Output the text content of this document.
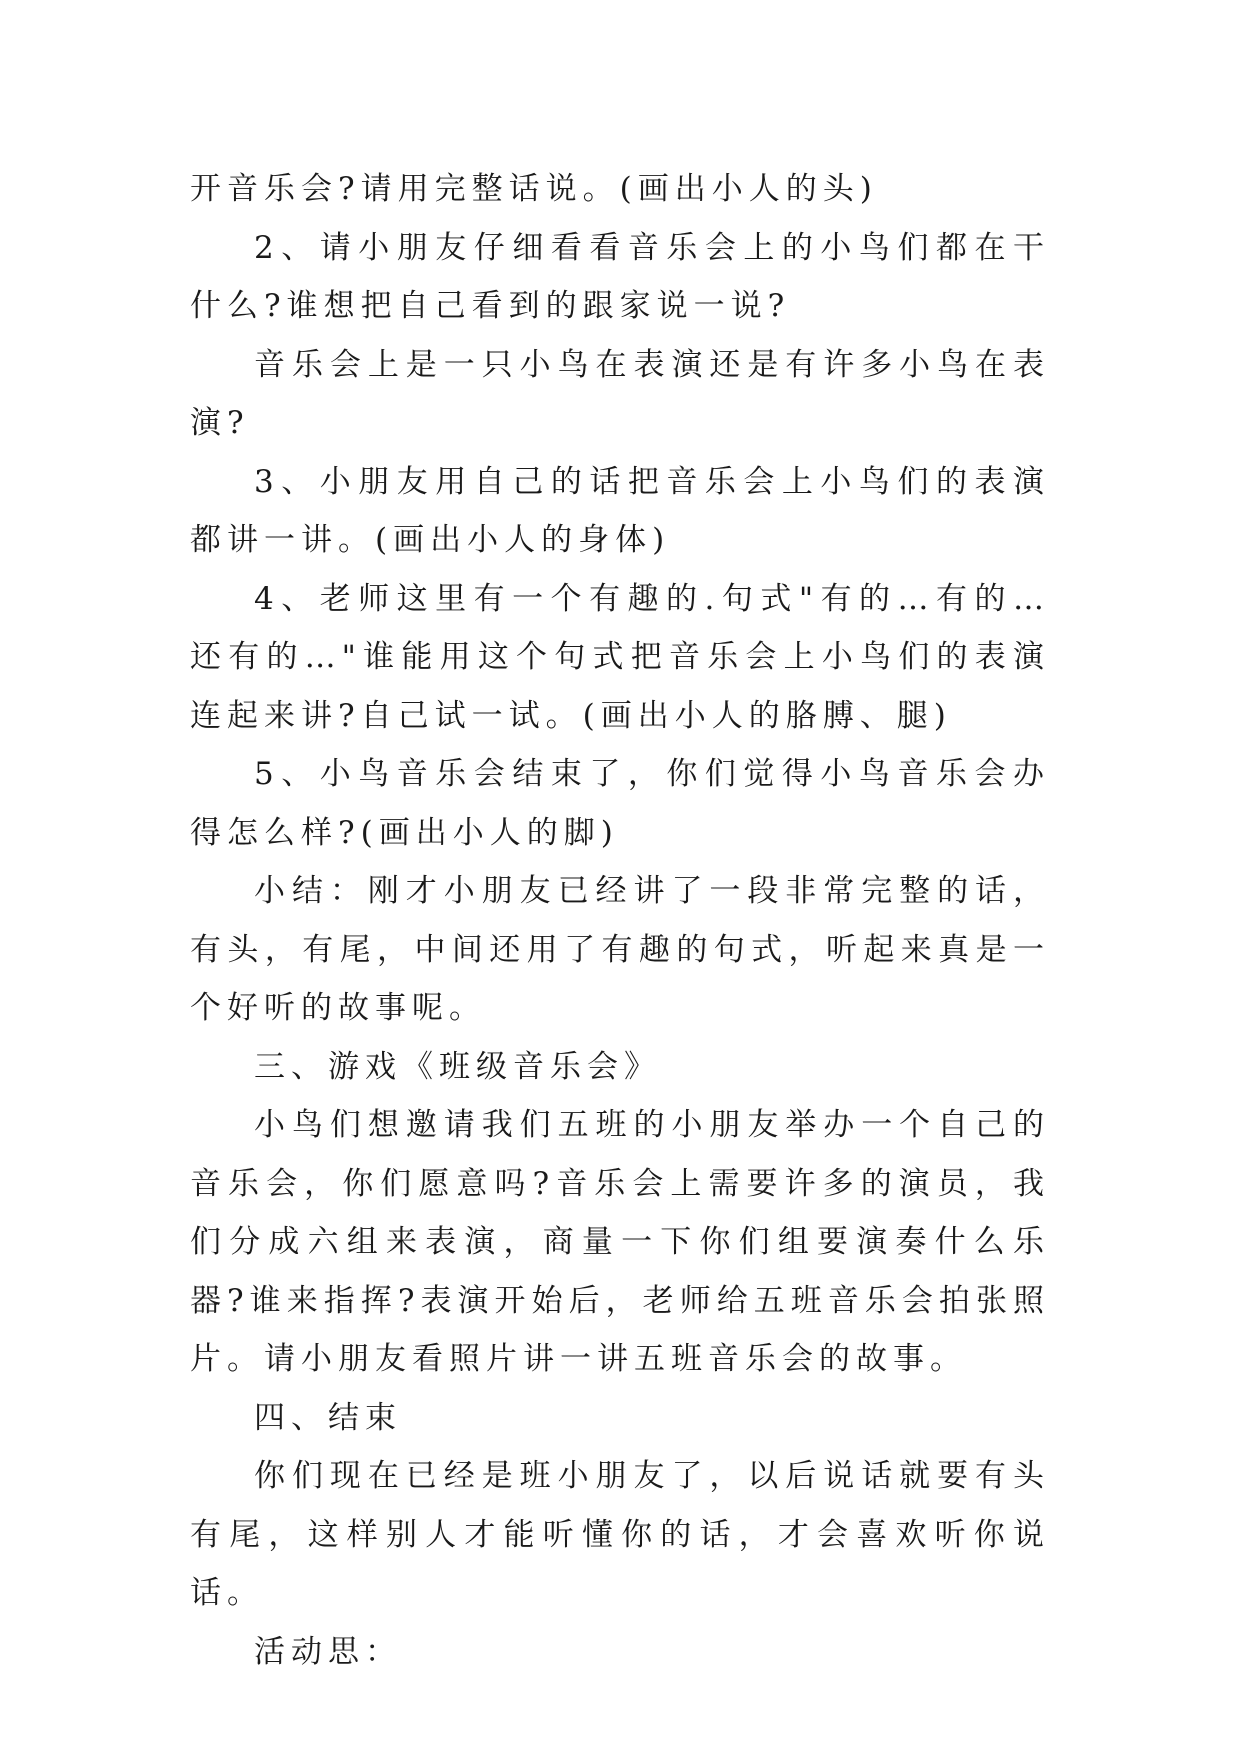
开音乐会?请用完整话说。(画出小人的头)

2、请小朋友仔细看看音乐会上的小鸟们都在干什么?谁想把自己看到的跟家说一说?

音乐会上是一只小鸟在表演还是有许多小鸟在表演?

3、小朋友用自己的话把音乐会上小鸟们的表演都讲一讲。(画出小人的身体)

4、老师这里有一个有趣的.句式"有的…有的…还有的…"谁能用这个句式把音乐会上小鸟们的表演连起来讲?自己试一试。(画出小人的胳膊、腿)

5、小鸟音乐会结束了，你们觉得小鸟音乐会办得怎么样?(画出小人的脚)

小结：刚才小朋友已经讲了一段非常完整的话，有头，有尾，中间还用了有趣的句式，听起来真是一个好听的故事呢。

三、游戏《班级音乐会》

小鸟们想邀请我们五班的小朋友举办一个自己的音乐会，你们愿意吗?音乐会上需要许多的演员，我们分成六组来表演，商量一下你们组要演奏什么乐器?谁来指挥?表演开始后，老师给五班音乐会拍张照片。请小朋友看照片讲一讲五班音乐会的故事。

四、结束

你们现在已经是班小朋友了，以后说话就要有头有尾，这样别人才能听懂你的话，才会喜欢听你说话。

活动思：
